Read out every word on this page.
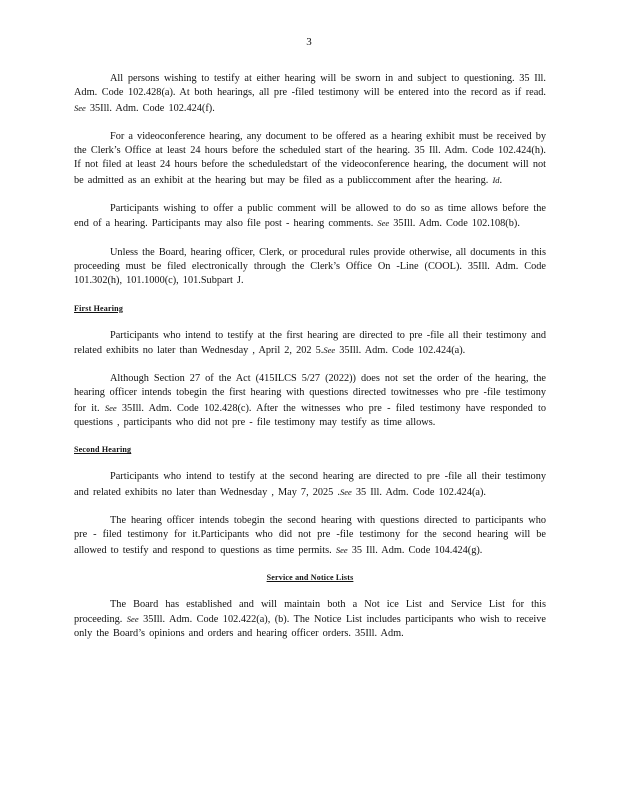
3

All persons wishing to testify at either hearing will be sworn in and subject to questioning. 35 Ill. Adm. Code 102.428(a). At both hearings, all pre -filed testimony will be entered into the record as if read. See 35Ill. Adm. Code 102.424(f).

For a videoconference hearing, any document to be offered as a hearing exhibit must be received by the Clerk’s Office at least 24 hours before the scheduled start of the hearing. 35 Ill. Adm. Code 102.424(h). If not filed at least 24 hours before the scheduledstart of the videoconference hearing, the document will not be admitted as an exhibit at the hearing but may be filed as a publiccomment after the hearing. Id.

Participants wishing to offer a public comment will be allowed to do so as time allows before the end of a hearing. Participants may also file post - hearing comments. See 35Ill. Adm. Code 102.108(b).

Unless the Board, hearing officer, Clerk, or procedural rules provide otherwise, all documents in this proceeding must be filed electronically through the Clerk’s Office On -Line (COOL). 35Ill. Adm. Code 101.302(h), 101.1000(c), 101.Subpart J.

First Hearing

Participants who intend to testify at the first hearing are directed to pre -file all their testimony and related exhibits no later than Wednesday , April 2, 202 5.See 35Ill. Adm. Code 102.424(a).

Although Section 27 of the Act (415ILCS 5/27 (2022)) does not set the order of the hearing, the hearing officer intends tobegin the first hearing with questions directed towitnesses who pre -file testimony for it. See 35Ill. Adm. Code 102.428(c). After the witnesses who pre - filed testimony have responded to questions , participants who did not pre - file testimony may testify as time allows.

Second Hearing

Participants who intend to testify at the second hearing are directed to pre -file all their testimony and related exhibits no later than Wednesday , May 7, 2025 .See 35 Ill. Adm. Code 102.424(a).

The hearing officer intends tobegin the second hearing with questions directed to participants who pre - filed testimony for it.Participants who did not pre -file testimony for the second hearing will be allowed to testify and respond to questions as time permits. See 35 Ill. Adm. Code 104.424(g).

Service and Notice Lists

The Board has established and will maintain both a Not ice List and Service List for this proceeding. See 35Ill. Adm. Code 102.422(a), (b). The Notice List includes participants who wish to receive only the Board’s opinions and orders and hearing officer orders. 35Ill. Adm.
